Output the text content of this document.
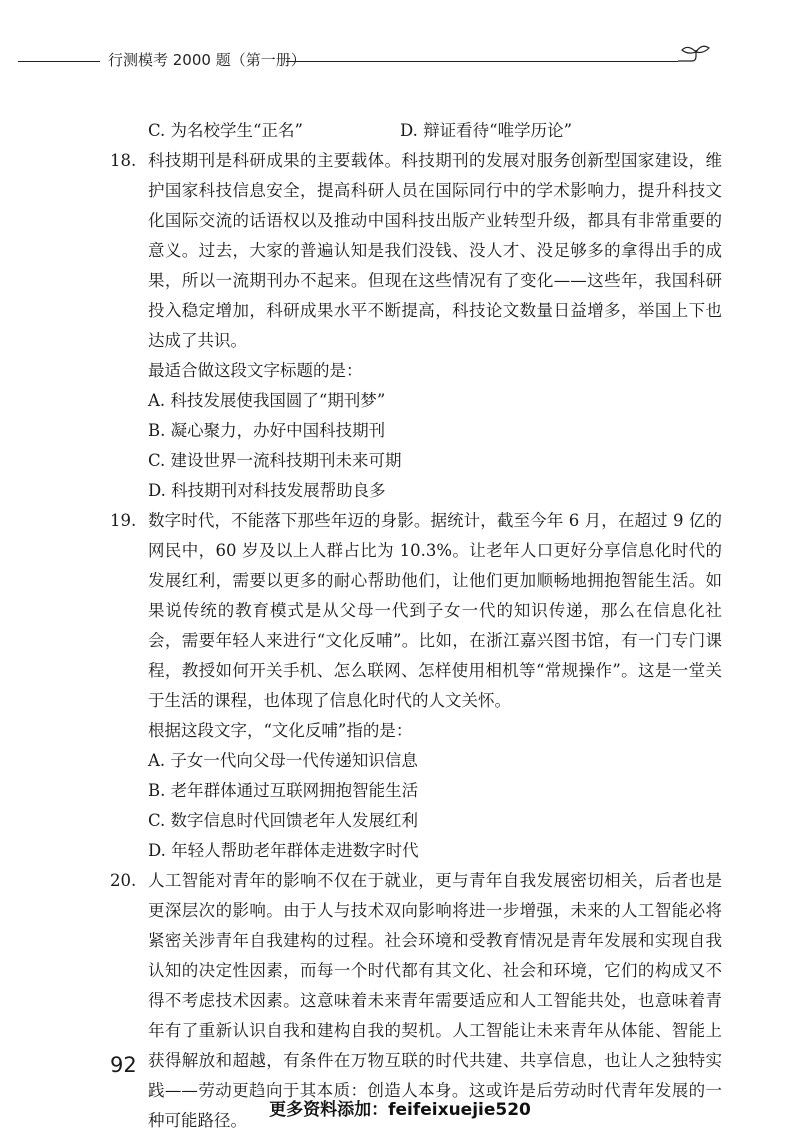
行测模考 2000 题（第一册）
C. 为名校学生“正名”	D. 辩证看待“唯学历论”
18. 科技期刊是科研成果的主要载体。科技期刊的发展对服务创新型国家建设，维护国家科技信息安全，提高科研人员在国际同行中的学术影响力，提升科技文化国际交流的话语权以及推动中国科技出版产业转型升级，都具有非常重要的意义。过去，大家的普遍认知是我们没钱、没人才、没足够多的拿得出手的成果，所以一流期刊办不起来。但现在这些情况有了变化——这些年，我国科研投入稳定增加，科研成果水平不断提高，科技论文数量日益增多，举国上下也达成了共识。
最适合做这段文字标题的是：
A. 科技发展使我国圆了“期刊梦”
B. 凝心聚力，办好中国科技期刊
C. 建设世界一流科技期刊未来可期
D. 科技期刊对科技发展帮助良多
19. 数字时代，不能落下那些年迈的身影。据统计，截至今年 6 月，在超过 9 亿的网民中，60 岁及以上人群占比为 10.3%。让老年人口更好分享信息化时代的发展红利，需要以更多的耐心帮助他们，让他们更加顺畅地拥抱智能生活。如果说传统的教育模式是从父母一代到子女一代的知识传递，那么在信息化社会，需要年轻人来进行“文化反哺”。比如，在浙江嘉兴图书馆，有一门专门课程，教授如何开关手机、怎么联网、怎样使用相机等“常规操作”。这是一堂关于生活的课程，也体现了信息化时代的人文关怀。
根据这段文字，“文化反哺”指的是：
A. 子女一代向父母一代传递知识信息
B. 老年群体通过互联网拥抱智能生活
C. 数字信息时代回馈老年人发展红利
D. 年轻人帮助老年群体走进数字时代
20. 人工智能对青年的影响不仅在于就业，更与青年自我发展密切相关，后者也是更深层次的影响。由于人与技术双向影响将进一步增强，未来的人工智能必将紧密关涉青年自我建构的过程。社会环境和受教育情况是青年发展和实现自我认知的决定性因素，而每一个时代都有其文化、社会和环境，它们的构成又不得不考虑技术因素。这意味着未来青年需要适应和人工智能共处，也意味着青年有了重新认识自我和建构自我的契机。人工智能让未来青年从体能、智能上获得解放和超越，有条件在万物互联的时代共建、共享信息，也让人之独特实践——劳动更趋向于其本质：创造人本身。这或许是后劳动时代青年发展的一种可能路径。
92
更多资料添加：feifeixuejie520
